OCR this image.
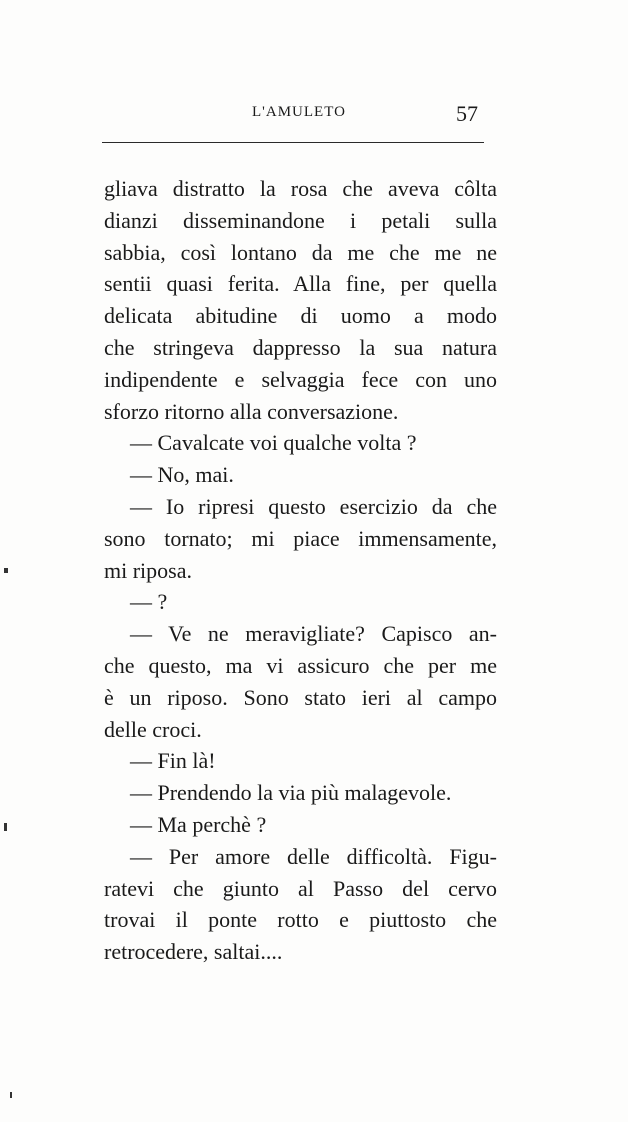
L'AMULETO	57
gliava distratto la rosa che aveva côlta
dianzi disseminandone i petali sulla
sabbia, così lontano da me che me ne
sentii quasi ferita. Alla fine, per quella
delicata abitudine di uomo a modo
che stringeva dappresso la sua natura
indipendente e selvaggia fece con uno
sforzo ritorno alla conversazione.
— Cavalcate voi qualche volta ?
— No, mai.
— Io ripresi questo esercizio da che
sono tornato; mi piace immensamente,
mi riposa.
— ?
— Ve ne meravigliate? Capisco an-
che questo, ma vi assicuro che per me
è un riposo. Sono stato ieri al campo
delle croci.
— Fin là!
— Prendendo la via più malagevole.
— Ma perchè ?
— Per amore delle difficoltà. Figu-
ratevi che giunto al Passo del cervo
trovai il ponte rotto e piuttosto che
retrocedere, saltai....
